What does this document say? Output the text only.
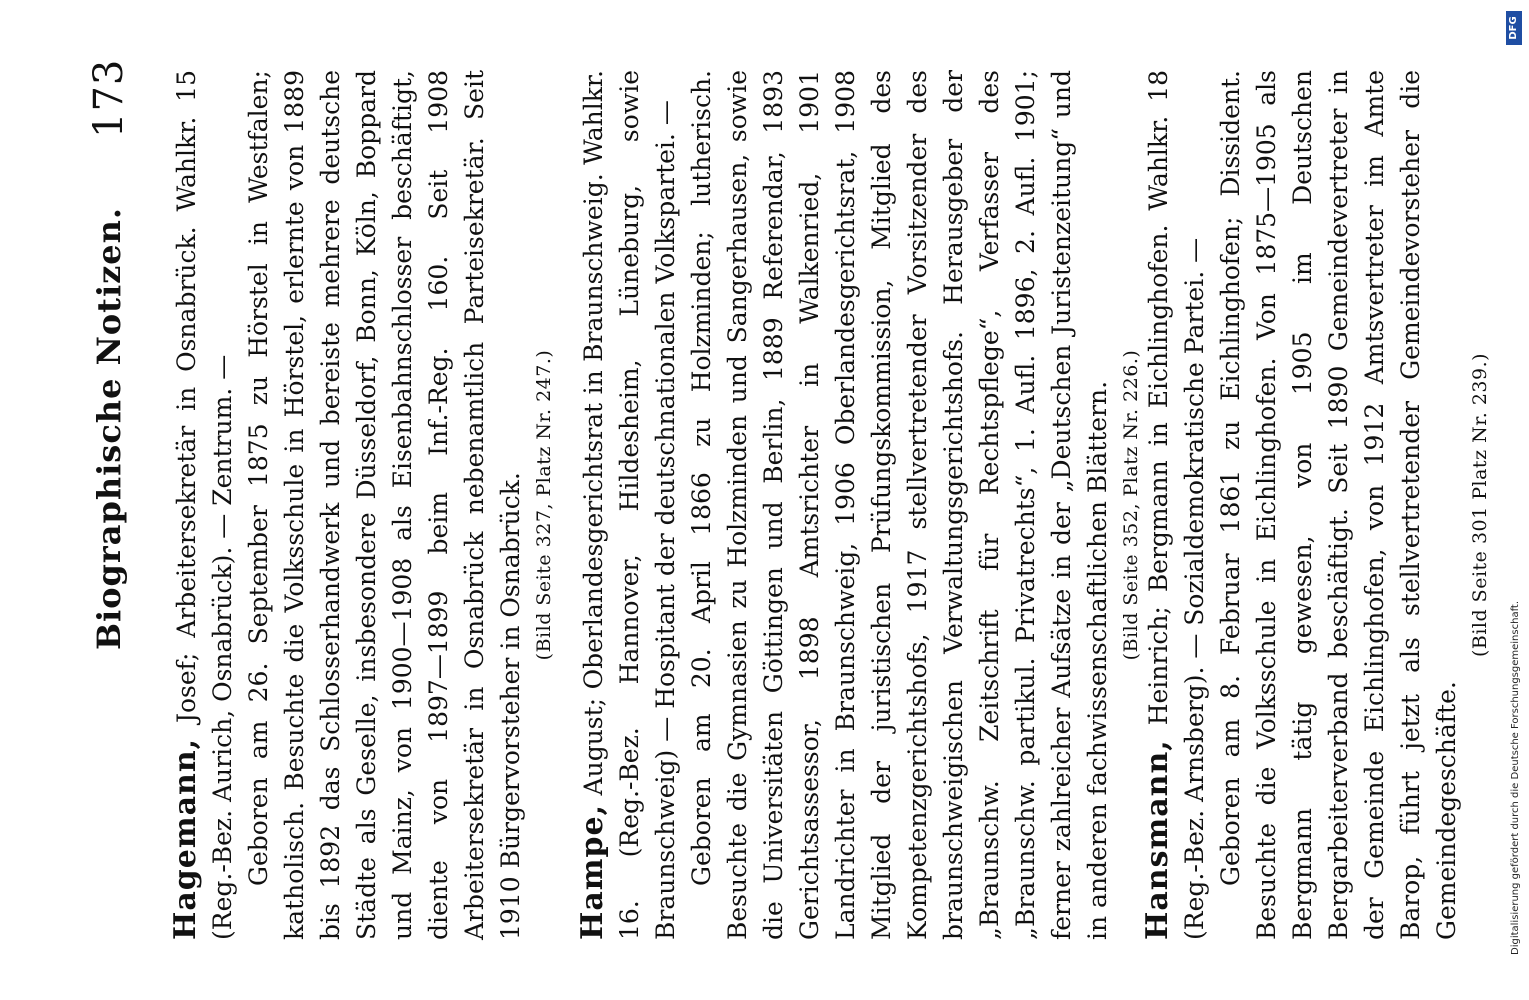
Biographische Notizen.
173

Hagemann, Josef; Arbeitersekretär in Osnabrück. Wahlkr. 15 (Reg.-Bez. Aurich, Osnabrück). — Zentrum. — Geboren am 26. September 1875 zu Hörstel in Westfalen; katholisch. Besuchte die Volksschule in Hörstel, erlernte von 1889 bis 1892 das Schlosserhandwerk und bereiste mehrere deutsche Städte als Geselle, insbesondere Düsseldorf, Bonn, Köln, Boppard und Mainz, von 1900—1908 als Eisenbahnschlosser beschäftigt, diente von 1897—1899 beim Inf.-Reg. 160. Seit 1908 Arbeitersekretär in Osnabrück nebenamtlich Parteisekretär. Seit 1910 Bürgervorsteher in Osnabrück. (Bild Seite 327, Platz Nr. 247.)

Hampe, August; Oberlandesgerichtsrat in Braunschweig. Wahlkr. 16. (Reg.-Bez. Hannover, Hildesheim, Lüneburg, sowie Braunschweig) — Hospitant der deutschnationalen Volkspartei. — Geboren am 20. April 1866 zu Holzminden; lutherisch. Besuchte die Gymnasien zu Holzminden und Sangerhausen, sowie die Universitäten Göttingen und Berlin, 1889 Referendar, 1893 Gerichtsassessor, 1898 Amtsrichter in Walkenried, 1901 Landrichter in Braunschweig, 1906 Oberlandesgerichtsrat, 1908 Mitglied der juristischen Prüfungskommission, Mitglied des Kompetenzgerichtshofs, 1917 stellvertretender Vorsitzender des braunschweigischen Verwaltungsgerichtshofs. Herausgeber der „Braunschw. Zeitschrift für Rechtspflege“, Verfasser des „Braunschw. partikul. Privatrechts“, 1. Aufl. 1896, 2. Aufl. 1901; ferner zahlreicher Aufsätze in der „Deutschen Juristenzeitung“ und in anderen fachwissenschaftlichen Blättern. (Bild Seite 352, Platz Nr. 226.)

Hansmann, Heinrich; Bergmann in Eichlinghofen. Wahlkr. 18 (Reg.-Bez. Arnsberg). — Sozialdemokratische Partei. — Geboren am 8. Februar 1861 zu Eichlinghofen; Dissident. Besuchte die Volksschule in Eichlinghofen. Von 1875—1905 als Bergmann tätig gewesen, von 1905 im Deutschen Bergarbeiterverband beschäftigt. Seit 1890 Gemeindevertreter in der Gemeinde Eichlinghofen, von 1912 Amtsvertreter im Amte Barop, führt jetzt als stellvertretender Gemeindevorsteher die Gemeindegeschäfte.

(Bild Seite 301 Platz Nr. 239.)
Digitalisierung gefördert durch die Deutsche Forschungsgemeinschaft.
DFG
